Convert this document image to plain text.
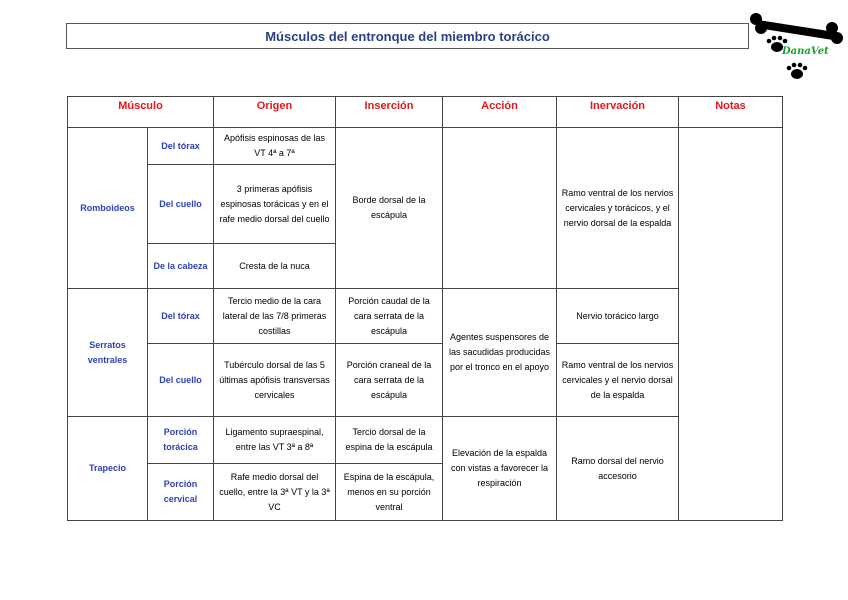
Músculos del entronque del miembro torácico
DanaVet
Músculo		Origen	Inserción	Acción	Inervación	Notas
Romboideos	Del tórax	Apófisis espinosas de las VT 4ª a 7ª	Borde dorsal de la escápula		Ramo ventral de los nervios cervicales y torácicos, y el nervio dorsal de la espalda	
	Del cuello	3 primeras apófisis espinosas torácicas y en el rafe medio dorsal del cuello				
	De la cabeza	Cresta de la nuca				
Serratos ventrales	Del tórax	Tercio medio de la cara lateral de las 7/8 primeras costillas	Porción caudal de la cara serrata de la escápula	Agentes suspensores de las sacudidas producidas por el tronco en el apoyo	Nervio torácico largo	
	Del cuello	Tubérculo dorsal de las 5 últimas apófisis transversas cervicales	Porción craneal de la cara serrata de la escápula		Ramo ventral de los nervios cervicales y el nervio dorsal de la espalda	
Trapecio	Porción torácica	Ligamento supraespinal, entre las VT 3ª a 8ª	Tercio dorsal de la espina de la escápula	Elevación de la espalda con vistas a favorecer la respiración	Ramo dorsal del nervio accesorio	
	Porción cervical	Rafe medio dorsal del cuello, entre la 3ª VT y la 3ª VC	Espina de la escápula, menos en su porción ventral			
